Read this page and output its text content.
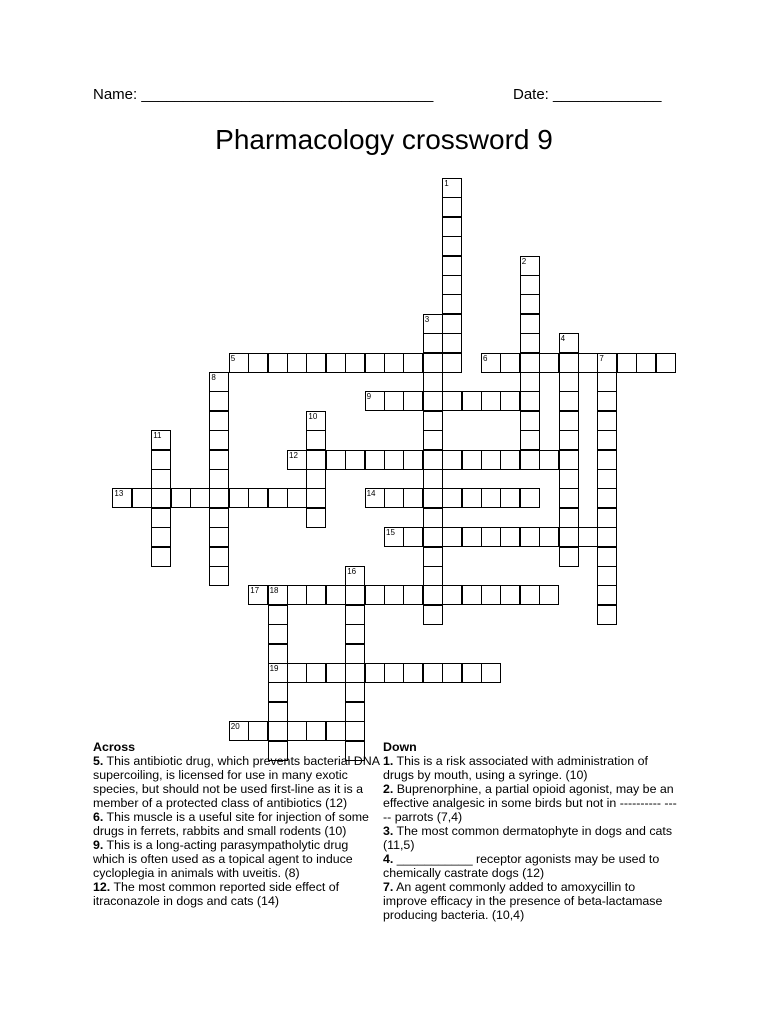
Name: ___________________________________	Date: _____________
Pharmacology crossword 9
1
2
3
4
5	6	7
8
9
10
11
12
13	14
15
16
17 18
19
20
Across
5. This antibiotic drug, which prevents bacterial DNA supercoiling, is licensed for use in many exotic species, but should not be used first-line as it is a member of a protected class of antibiotics (12)
6. This muscle is a useful site for injection of some drugs in ferrets, rabbits and small rodents (10)
9. This is a long-acting parasympatholytic drug which is often used as a topical agent to induce cycloplegia in animals with uveitis. (8)
12. The most common reported side effect of itraconazole in dogs and cats (14)
Down
1. This is a risk associated with administration of drugs by mouth, using a syringe. (10)
2. Buprenorphine, a partial opioid agonist, may be an effective analgesic in some birds but not in ---------- ----- parrots (7,4)
3. The most common dermatophyte in dogs and cats (11,5)
4. ___________ receptor agonists may be used to chemically castrate dogs (12)
7. An agent commonly added to amoxycillin to improve efficacy in the presence of beta-lactamase producing bacteria. (10,4)
